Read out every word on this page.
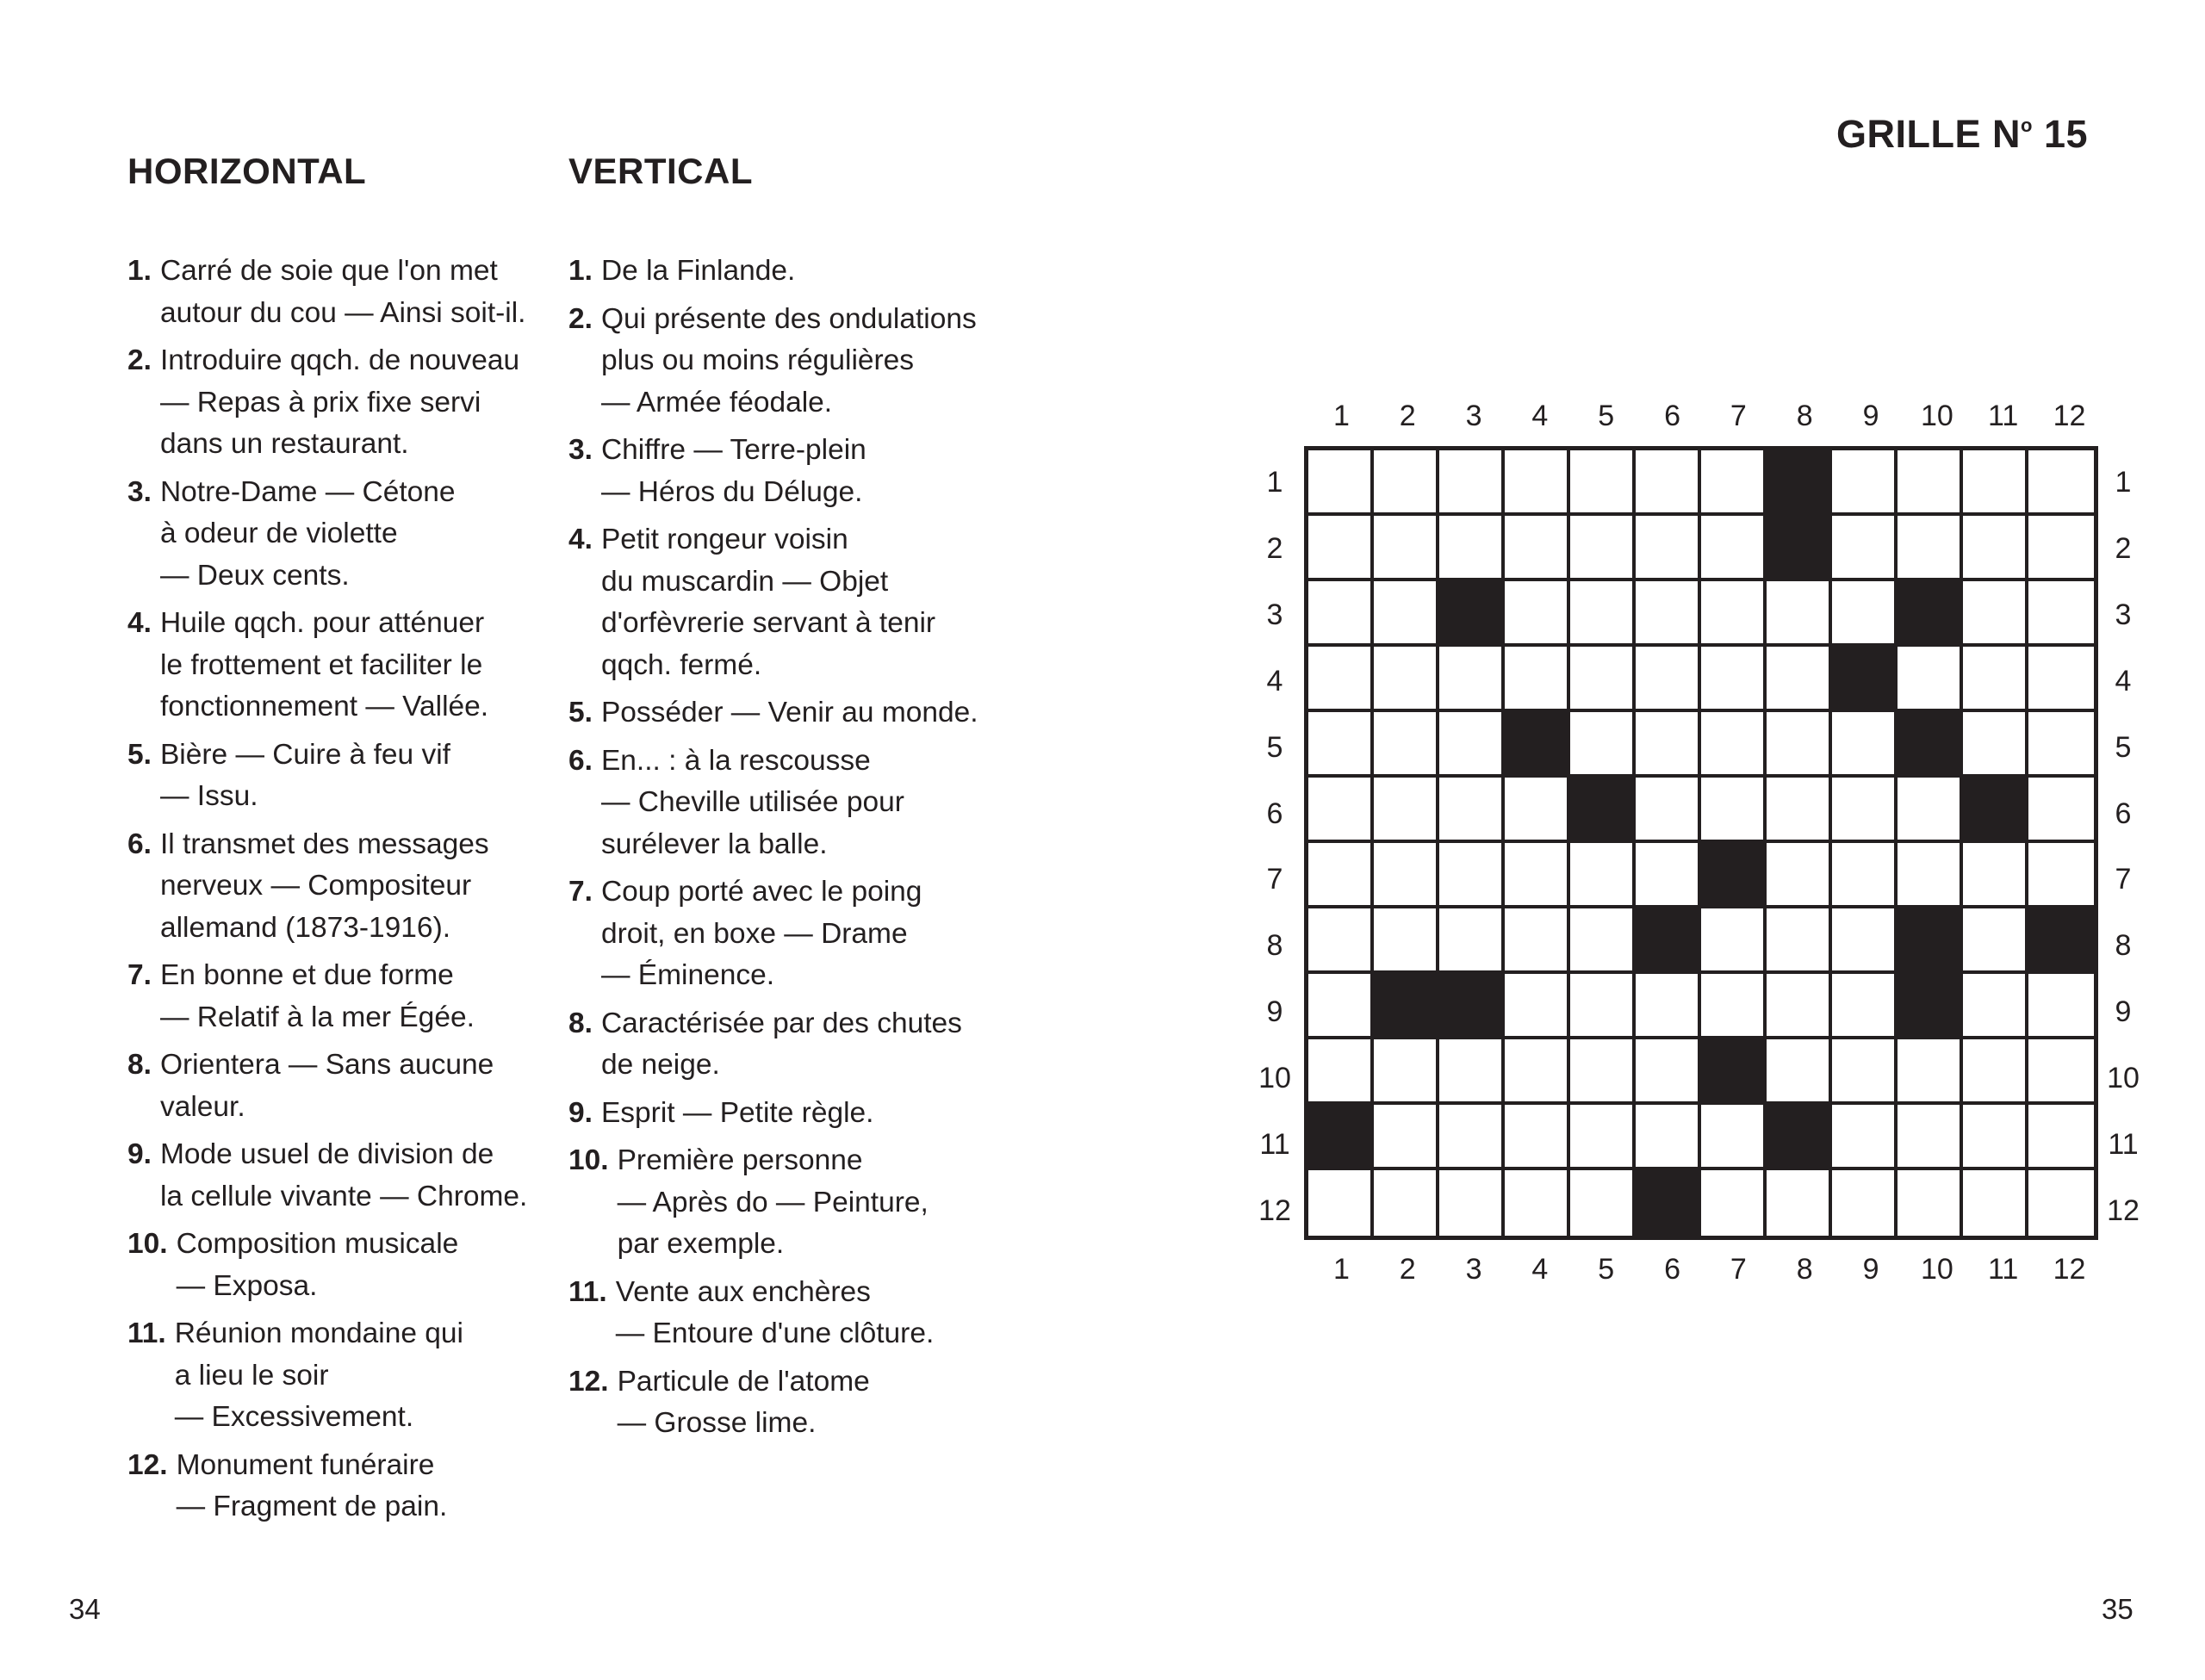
HORIZONTAL
1. Carré de soie que l'on met
autour du cou — Ainsi soit-il.
2. Introduire qqch. de nouveau
— Repas à prix fixe servi
dans un restaurant.
3. Notre-Dame — Cétone
à odeur de violette
— Deux cents.
4. Huile qqch. pour atténuer
le frottement et faciliter le
fonctionnement — Vallée.
5. Bière — Cuire à feu vif
— Issu.
6. Il transmet des messages
nerveux — Compositeur
allemand (1873-1916).
7. En bonne et due forme
— Relatif à la mer Égée.
8. Orientera — Sans aucune
valeur.
9. Mode usuel de division de
la cellule vivante — Chrome.
10. Composition musicale
— Exposa.
11. Réunion mondaine qui
a lieu le soir
— Excessivement.
12. Monument funéraire
— Fragment de pain.
VERTICAL
1. De la Finlande.
2. Qui présente des ondulations
plus ou moins régulières
— Armée féodale.
3. Chiffre — Terre-plein
— Héros du Déluge.
4. Petit rongeur voisin
du muscardin — Objet
d'orfèvrerie servant à tenir
qqch. fermé.
5. Posséder — Venir au monde.
6. En... : à la rescousse
— Cheville utilisée pour
surélever la balle.
7. Coup porté avec le poing
droit, en boxe — Drame
— Éminence.
8. Caractérisée par des chutes
de neige.
9. Esprit — Petite règle.
10. Première personne
— Après do — Peinture,
par exemple.
11. Vente aux enchères
— Entoure d'une clôture.
12. Particule de l'atome
— Grosse lime.
GRILLE $N^o$ 15
1
1
1	1
2
2
2	2
3
3
3	3
4
4
4	4
5
5
5	5
6
6
6	6
7
7
7	7
8
8
8	8
9
9
9	9
10
10
10	10
11
11
11	11
12
12
12	12
34	35
